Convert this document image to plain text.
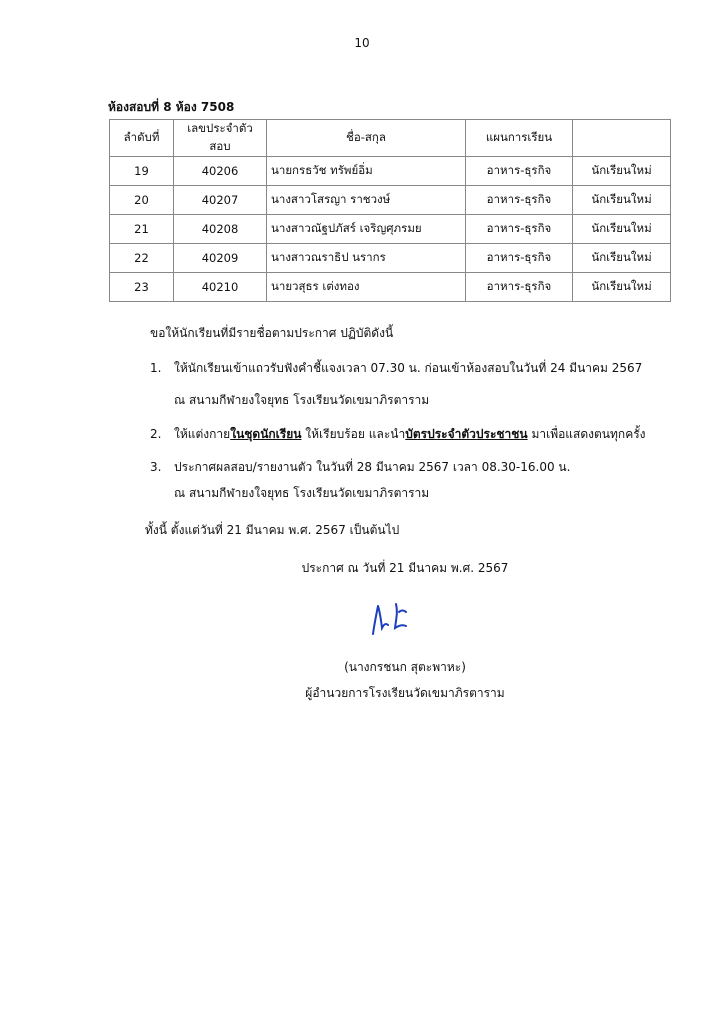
10
ห้องสอบที่ 8 ห้อง 7508
ลำดับที่	เลขประจำตัวสอบ	ชื่อ-สกุล	แผนการเรียน	
19	40206	นายกรธวัช ทรัพย์อิ่ม	อาหาร-ธุรกิจ	นักเรียนใหม่
20	40207	นางสาวโสรญา ราชวงษ์	อาหาร-ธุรกิจ	นักเรียนใหม่
21	40208	นางสาวณัฐปภัสร์ เจริญศุภรมย	อาหาร-ธุรกิจ	นักเรียนใหม่
22	40209	นางสาวณราธิป นรากร	อาหาร-ธุรกิจ	นักเรียนใหม่
23	40210	นายวสุธร เต่งทอง	อาหาร-ธุรกิจ	นักเรียนใหม่
ขอให้นักเรียนที่มีรายชื่อตามประกาศ ปฏิบัติดังนี้
1. ให้นักเรียนเข้าแถวรับฟังคำชี้แจงเวลา 07.30 น. ก่อนเข้าห้องสอบในวันที่ 24 มีนาคม 2567
ณ สนามกีฬายงใจยุทธ โรงเรียนวัดเขมาภิรตาราม
2. ให้แต่งกายในชุดนักเรียน ให้เรียบร้อย และนำบัตรประจำตัวประชาชน มาเพื่อแสดงตนทุกครั้ง
3. ประกาศผลสอบ/รายงานตัว ในวันที่ 28 มีนาคม 2567 เวลา 08.30-16.00 น.
ณ สนามกีฬายงใจยุทธ โรงเรียนวัดเขมาภิรตาราม
ทั้งนี้ ตั้งแต่วันที่ 21 มีนาคม พ.ศ. 2567 เป็นต้นไป
ประกาศ ณ วันที่ 21 มีนาคม พ.ศ. 2567
(นางกรชนก สุตะพาหะ)
ผู้อำนวยการโรงเรียนวัดเขมาภิรตาราม
